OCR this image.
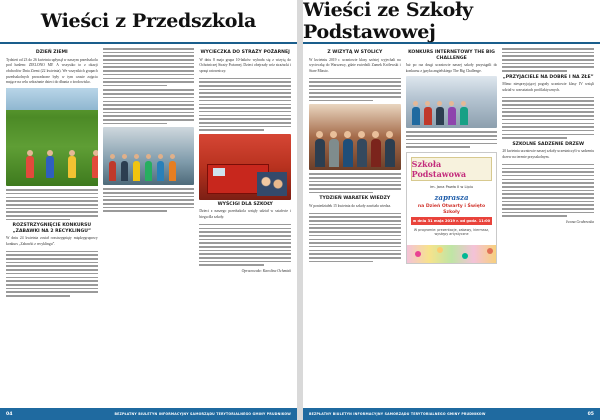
Wieści z Przedszkola
DZIEŃ ZIEMI
Tydzień od 23 do 26 kwietnia upłynął w naszym przedszkolu pod hasłem: ZIELONO MI! A wszystko to z okazji obchodów Dnia Ziemi (22 kwietnia). We wszystkich grupach przedszkolnych prowadzone były w tym czasie zajęcia mające na celu wdrażanie dzieci do dbania o środowisko.
ROZSTRZYGNIĘCIE KONKURSU „ZABAWKI NA 2 RECYKLINGU”
W dniu 24 kwietnia został rozstrzygnięty międzygrupowy konkurs „Zabawki z recyklingu”.
WYCIECZKA DO STRAŻY POŻARNEJ
W dniu 8 maja grupa 10-latków wybrała się z wizytą do Ochotniczej Straży Pożarnej. Dzieci obejrzały wóz strażacki i sprzęt ratowniczy.
WYŚCIGI DLA SZKOŁY
Dzieci z naszego przedszkola wzięły udział w sztafecie i biegu dla szkoły.
Opracowała: Karolina Ochmiak
04	BEZPŁATNY BIULETYN INFORMACYJNY SAMORZĄDU TERYTORIALNEGO GMINY PRUDNIKOW
Wieści ze Szkoły Podstawowej
Z WIZYTĄ W STOLICY
W kwietniu 2019 r. uczniowie klasy szóstej wyjechali na wycieczkę do Warszawy, gdzie zwiedzili Zamek Królewski i Stare Miasto.
TYDZIEŃ WARATEK WIEDZY
W poniedziałek 15 kwietnia do szkoły zawitała wiedza.
KONKURS INTERNETOWY THE BIG CHALLENGE
Już po raz drugi uczniowie naszej szkoły przystąpili do konkursu z języka angielskiego The Big Challenge.
Szkoła Podstawowa
im. Jana Pawła II w Lipiu
zaprasza
na Dzień Otwarty i Święto Szkoły
w dniu 31 maja 2019 r. od godz. 11:00
W programie: prezentacje, zabawy, kiermasz, występy artystyczne
„PRZYJACIELE NA DOBRE I NA ZŁE”
Mimo niesprzyjającej pogody uczniowie klasy IV wzięli udział w warsztatach profilaktycznych.
SZKOLNE SADZENIE DRZEW
20 kwietnia uczniowie naszej szkoły uczestniczyli w sadzeniu drzew na terenie przyszkolnym.
Iwona Grabowska
BEZPŁATNY BIULETYN INFORMACYJNY SAMORZĄDU TERYTORIALNEGO GMINY PRUDNIKOW	05
